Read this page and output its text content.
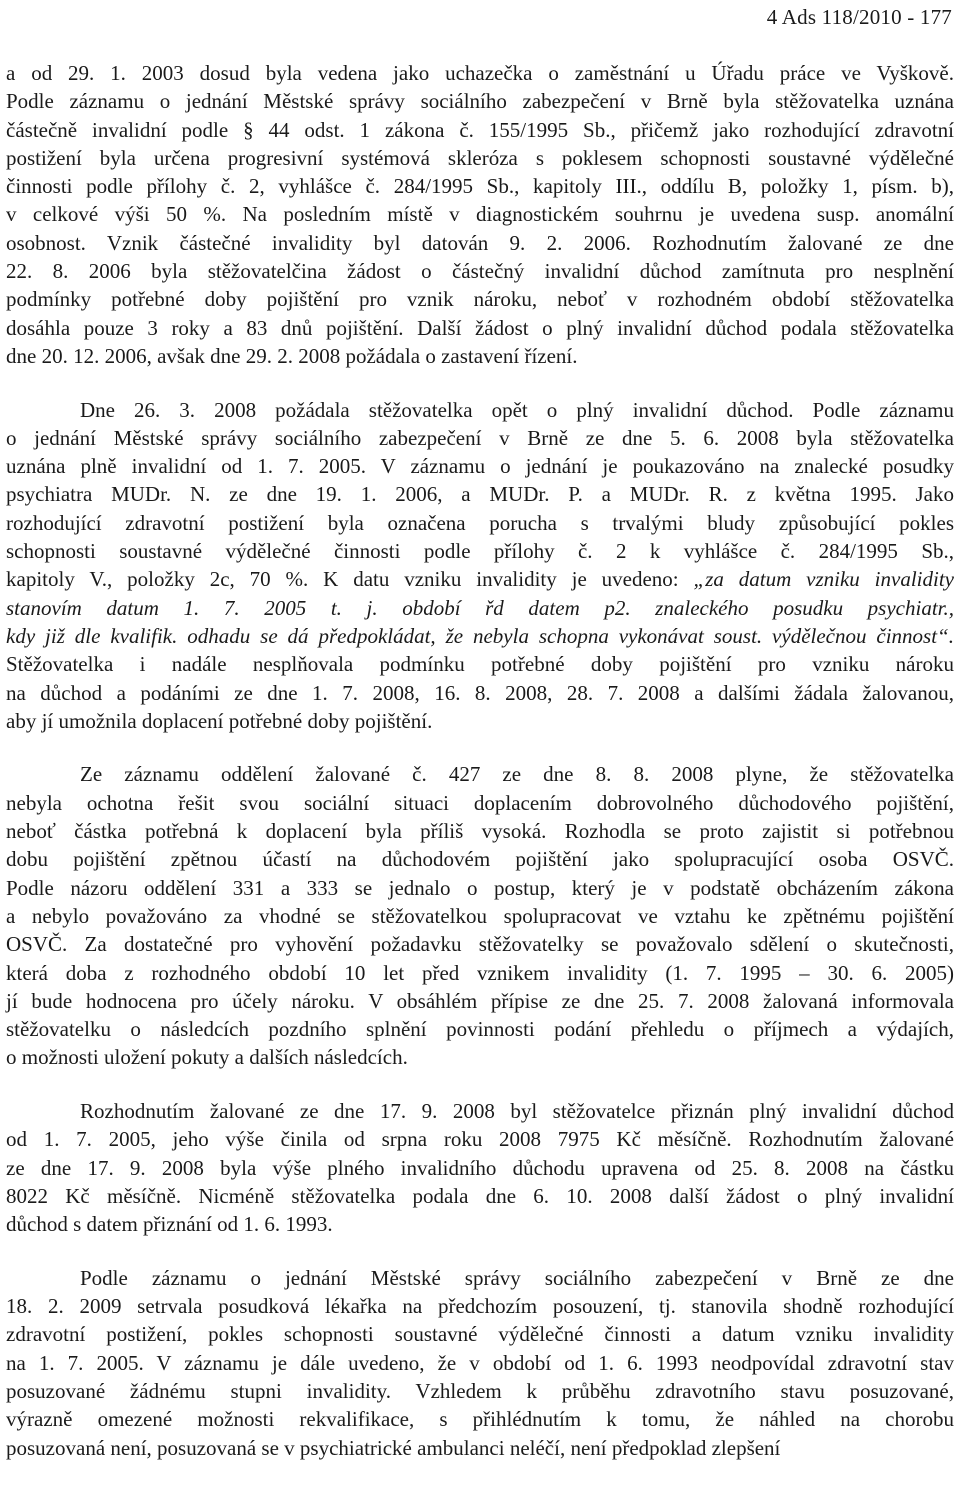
4 Ads 118/2010 - 177
a od 29. 1. 2003 dosud byla vedena jako uchazečka o zaměstnání u Úřadu práce ve Vyškově.
Podle záznamu o jednání Městské správy sociálního zabezpečení v Brně byla stěžovatelka uznána
částečně invalidní podle § 44 odst. 1 zákona č. 155/1995 Sb., přičemž jako rozhodující zdravotní
postižení byla určena progresivní systémová skleróza s poklesem schopnosti soustavné výdělečné
činnosti podle přílohy č. 2, vyhlášce č. 284/1995 Sb., kapitoly III., oddílu B, položky 1, písm. b),
v celkové výši 50 %. Na posledním místě v diagnostickém souhrnu je uvedena susp. anomální
osobnost. Vznik částečné invalidity byl datován 9. 2. 2006. Rozhodnutím žalované ze dne
22. 8. 2006 byla stěžovatelčina žádost o částečný invalidní důchod zamítnuta pro nesplnění
podmínky potřebné doby pojištění pro vznik nároku, neboť v rozhodném období stěžovatelka
dosáhla pouze 3 roky a 83 dnů pojištění. Další žádost o plný invalidní důchod podala stěžovatelka
dne 20. 12. 2006, avšak dne 29. 2. 2008 požádala o zastavení řízení.
Dne 26. 3. 2008 požádala stěžovatelka opět o plný invalidní důchod. Podle záznamu
o jednání Městské správy sociálního zabezpečení v Brně ze dne 5. 6. 2008 byla stěžovatelka
uznána plně invalidní od 1. 7. 2005. V záznamu o jednání je poukazováno na znalecké posudky
psychiatra MUDr. N. ze dne 19. 1. 2006, a MUDr. P. a MUDr. R. z května 1995. Jako
rozhodující zdravotní postižení byla označena porucha s trvalými bludy způsobující pokles
schopnosti soustavné výdělečné činnosti podle přílohy č. 2 k vyhlášce č. 284/1995 Sb.,
kapitoly V., položky 2c, 70 %. K datu vzniku invalidity je uvedeno: „za datum vzniku invalidity
stanovím datum 1. 7. 2005 t. j. období řd datem p2. znaleckého posudku psychiatr.,
kdy již dle kvalifik. odhadu se dá předpokládat, že nebyla schopna vykonávat soust. výdělečnou činnost“.
Stěžovatelka i nadále nesplňovala podmínku potřebné doby pojištění pro vzniku nároku
na důchod a podáními ze dne 1. 7. 2008, 16. 8. 2008, 28. 7. 2008 a dalšími žádala žalovanou,
aby jí umožnila doplacení potřebné doby pojištění.
Ze záznamu oddělení žalované č. 427 ze dne 8. 8. 2008 plyne, že stěžovatelka
nebyla ochotna řešit svou sociální situaci doplacením dobrovolného důchodového pojištění,
neboť částka potřebná k doplacení byla příliš vysoká. Rozhodla se proto zajistit si potřebnou
dobu pojištění zpětnou účastí na důchodovém pojištění jako spolupracující osoba OSVČ.
Podle názoru oddělení 331 a 333 se jednalo o postup, který je v podstatě obcházením zákona
a nebylo považováno za vhodné se stěžovatelkou spolupracovat ve vztahu ke zpětnému pojištění
OSVČ. Za dostatečné pro vyhovění požadavku stěžovatelky se považovalo sdělení o skutečnosti,
která doba z rozhodného období 10 let před vznikem invalidity (1. 7. 1995 – 30. 6. 2005)
jí bude hodnocena pro účely nároku. V obsáhlém přípise ze dne 25. 7. 2008 žalovaná informovala
stěžovatelku o následcích pozdního splnění povinnosti podání přehledu o příjmech a výdajích,
o možnosti uložení pokuty a dalších následcích.
Rozhodnutím žalované ze dne 17. 9. 2008 byl stěžovatelce přiznán plný invalidní důchod
od 1. 7. 2005, jeho výše činila od srpna roku 2008 7975 Kč měsíčně. Rozhodnutím žalované
ze dne 17. 9. 2008 byla výše plného invalidního důchodu upravena od 25. 8. 2008 na částku
8022 Kč měsíčně. Nicméně stěžovatelka podala dne 6. 10. 2008 další žádost o plný invalidní
důchod s datem přiznání od 1. 6. 1993.
Podle záznamu o jednání Městské správy sociálního zabezpečení v Brně ze dne
18. 2. 2009 setrvala posudková lékařka na předchozím posouzení, tj. stanovila shodně rozhodující
zdravotní postižení, pokles schopnosti soustavné výdělečné činnosti a datum vzniku invalidity
na 1. 7. 2005. V záznamu je dále uvedeno, že v období od 1. 6. 1993 neodpovídal zdravotní stav
posuzované žádnému stupni invalidity. Vzhledem k průběhu zdravotního stavu posuzované,
výrazně omezené možnosti rekvalifikace, s přihlédnutím k tomu, že náhled na chorobu
posuzovaná není, posuzovaná se v psychiatrické ambulanci neléčí, není předpoklad zlepšení
